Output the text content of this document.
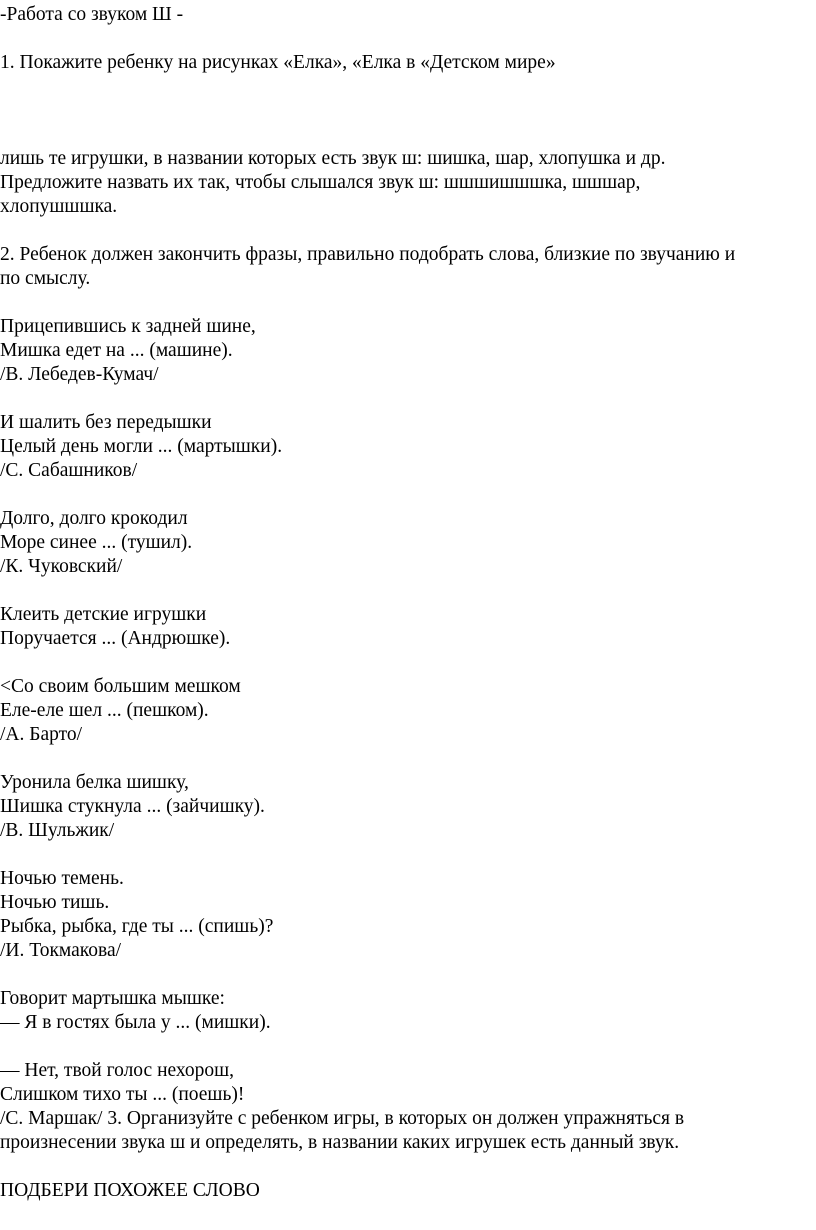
-Работа со звуком Ш -
1. Покажите ребенку на рисунках «Елка», «Елка в «Детском мире»
лишь те игрушки, в названии которых есть звук ш: шишка, шар, хлопушка и др.
Предложите назвать их так, чтобы слышался звук ш: шшшишшшка, шшшар,
хлопушшшка.
2. Ребенок должен закончить фразы, правильно подобрать слова, близкие по звучанию и
по смыслу.
Прицепившись к задней шине,
Мишка едет на ... (машине).
/В. Лебедев-Кумач/
И шалить без передышки
Целый день могли ... (мартышки).
/С. Сабашников/
Долго, долго крокодил
Море синее ... (тушил).
/К. Чуковский/
Клеить детские игрушки
Поручается ... (Андрюшке).
<Со своим большим мешком
Еле-еле шел ... (пешком).
/А. Барто/
Уронила белка шишку,
Шишка стукнула ... (зайчишку).
/В. Шульжик/
Ночью темень.
Ночью тишь.
Рыбка, рыбка, где ты ... (спишь)?
/И. Токмакова/
Говорит мартышка мышке:
— Я в гостях была у ... (мишки).
— Нет, твой голос нехорош,
Слишком тихо ты ... (поешь)!
/С. Маршак/ 3. Организуйте с ребенком игры, в которых он должен упражняться в
произнесении звука ш и определять, в названии каких игрушек есть данный звук.
ПОДБЕРИ ПОХОЖЕЕ СЛОВО
